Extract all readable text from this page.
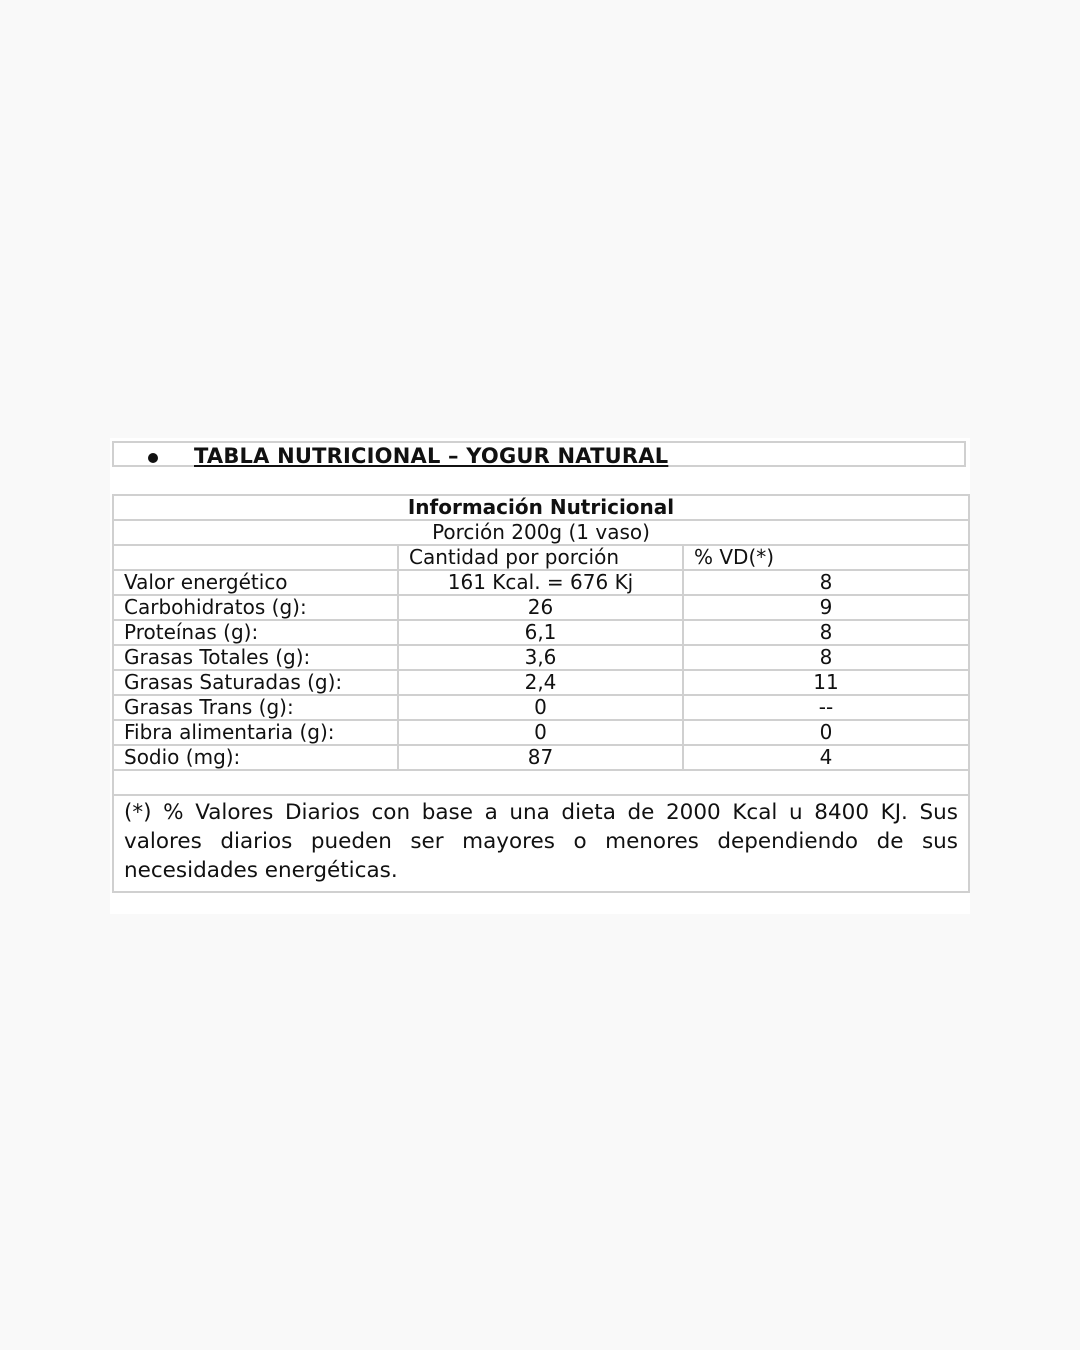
TABLA NUTRICIONAL – YOGUR NATURAL
Información Nutricional		
Porción 200g (1 vaso)		
	Cantidad por porción	% VD(*)
Valor energético	161 Kcal. = 676 Kj	8
Carbohidratos (g):	26	9
Proteínas (g):	6,1	8
Grasas Totales (g):	3,6	8
Grasas Saturadas (g):	2,4	11
Grasas Trans (g):	0	--
Fibra alimentaria (g):	0	0
Sodio (mg):	87	4

(*) % Valores Diarios con base a una dieta de 2000 Kcal u 8400 KJ. Sus valores diarios pueden ser mayores o menores dependiendo de sus necesidades energéticas.		
